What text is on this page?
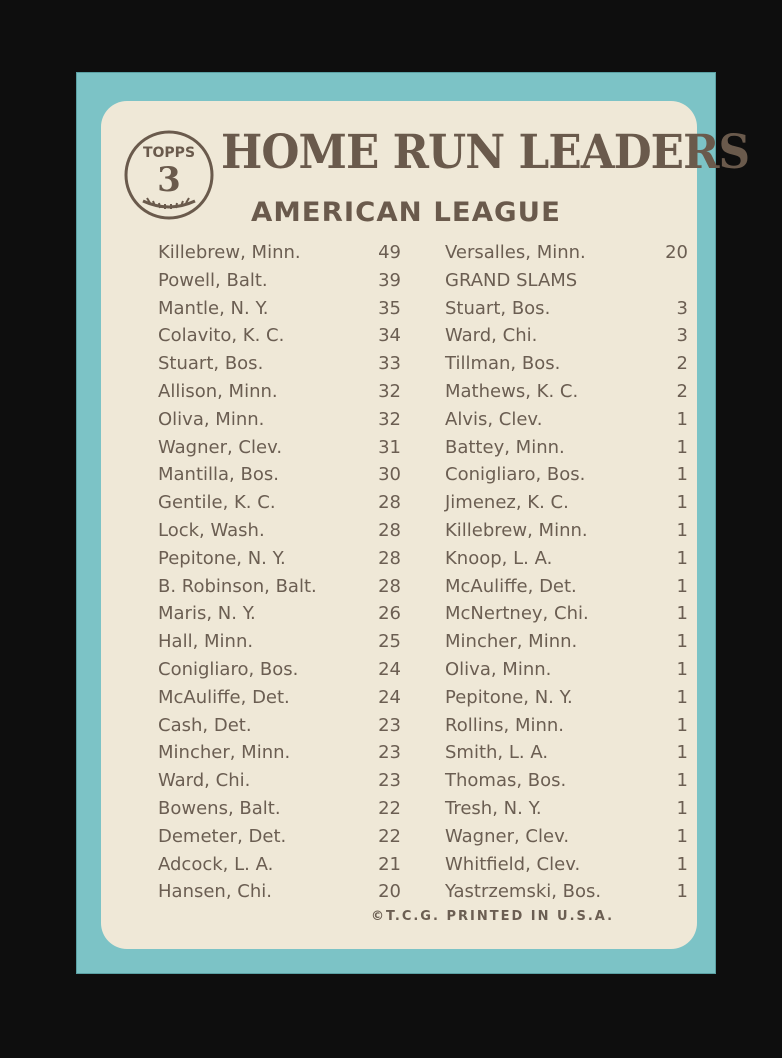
TOPPS
3 HOME RUN LEADERS
AMERICAN LEAGUE
Killebrew, Minn.	49
Powell, Balt.	39
Mantle, N. Y.	35
Colavito, K. C.	34
Stuart, Bos.	33
Allison, Minn.	32
Oliva, Minn.	32
Wagner, Clev.	31
Mantilla, Bos.	30
Gentile, K. C.	28
Lock, Wash.	28
Pepitone, N. Y.	28
B. Robinson, Balt.	28
Maris, N. Y.	26
Hall, Minn.	25
Conigliaro, Bos.	24
McAuliffe, Det.	24
Cash, Det.	23
Mincher, Minn.	23
Ward, Chi.	23
Bowens, Balt.	22
Demeter, Det.	22
Adcock, L. A.	21
Hansen, Chi.	20
Versalles, Minn.	20
GRAND SLAMS
Stuart, Bos.	3
Ward, Chi.	3
Tillman, Bos.	2
Mathews, K. C.	2
Alvis, Clev.	1
Battey, Minn.	1
Conigliaro, Bos.	1
Jimenez, K. C.	1
Killebrew, Minn.	1
Knoop, L. A.	1
McAuliffe, Det.	1
McNertney, Chi.	1
Mincher, Minn.	1
Oliva, Minn.	1
Pepitone, N. Y.	1
Rollins, Minn.	1
Smith, L. A.	1
Thomas, Bos.	1
Tresh, N. Y.	1
Wagner, Clev.	1
Whitfield, Clev.	1
Yastrzemski, Bos.	1
©T.C.G. PRINTED IN U.S.A.
